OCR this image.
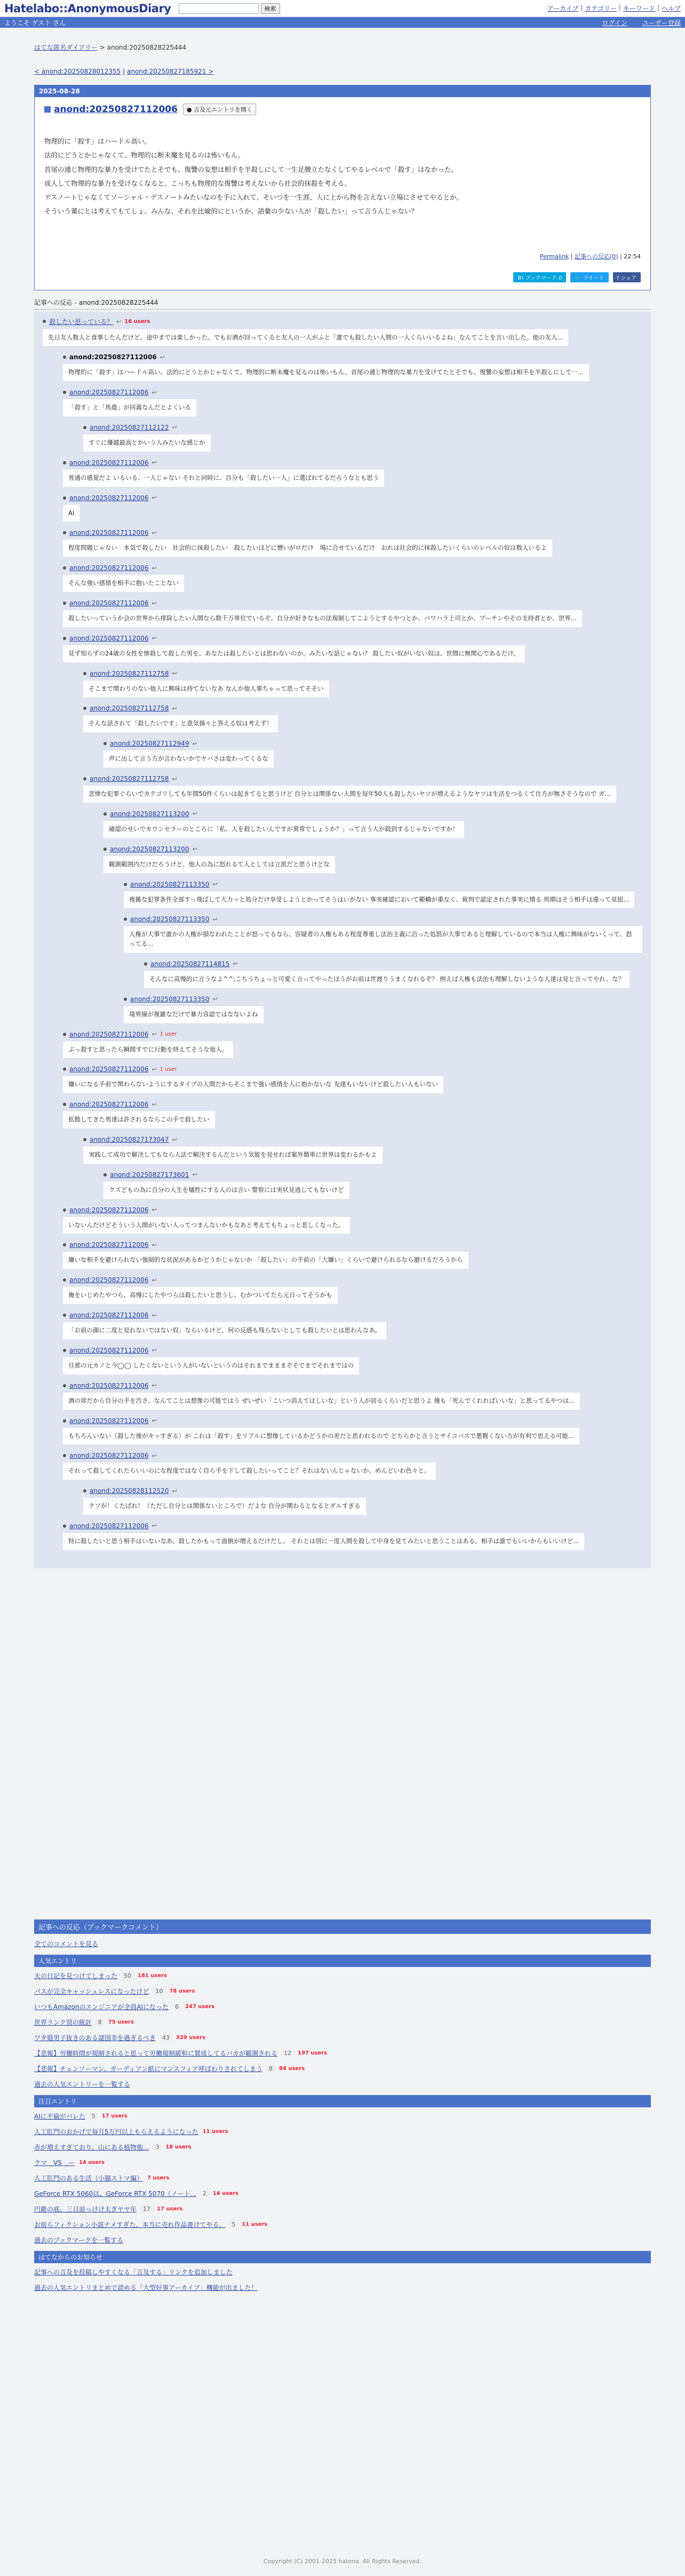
Hatelabo::AnonymousDiary	検索	アーカイブ | カテゴリー | キーワード | ヘルプ
ようこそ ゲスト さん	ログイン ユーザー登録
はてな匿名ダイアリー > anond:20250828225444
< anond:20250828012355 | anond:20250827185921 >
2025-08-28
anond:20250827112006	● 言及元エントリを開く

物理的に「殺す」はハードル高い。

法的にどうとかじゃなくて、物理的に断末魔を見るのは怖いもん。

首尾の通じ物理的な暴力を受けてたとそでも、復讐の妄想は相手を半殺しにして一生足腰立たなくしてやるレベルで「殺す」はなかった。

成人して物理的な暴力を受けなくなると、こっちも物理的な復讐は考えないから社会的抹殺を考える。

デスノートじゃなくてソーシャル・デスノートみたいなのを手に入れて、そいつを一生涯、人に上から物を言えない立場にさせてやるとか。

そういう輩にとは考えてもてしょ。みんな、それを比喩的にというか、語彙の少ない人が「殺したい」って言うんじゃない？

Permalink | 記事への反応(0) | 22:54
B! ブックマーク 0	🐦 ツイート	f シェア
記事への反応 - anond:20250828225444
殺したい思っている？ ↩ 16 users
先日友人数人と食事したんだけど、途中までは楽しかった。でもお酒が回ってくると友人の一人がふと「誰でも殺したい人間の一人くらいいるよね」なんてことを言い出した。他の友人...
anond:20250827112006 ↩
物理的に「殺す」はハードル高い。法的にどうとかじゃなくて、物理的に断末魔を見るのは怖いもん。首尾の通じ物理的な暴力を受けてたとそでも、復讐の妄想は相手を半殺しにして一...
anond:20250827112006 ↩
「殺す」と「馬鹿」が同義なんだとよくいる
anond:20250827112122 ↩
すぐに優越最高とかいう人みたいな感じか
anond:20250827112006 ↩
普通の感覚だよ いるいる、一人じゃない それと同時に、自分も「殺したい一人」に選ばれてるだろうなとも思う
anond:20250827112006 ↩
AI
anond:20250827112006 ↩
程度問題じゃない　本気で殺したい　社会的に抹殺したい　殺したいほどに憎いがロだけ　場に合せているだけ　おれは社会的に抹殺したいくらいのレベルの奴は数人いるよ
anond:20250827112006 ↩
そんな強い感情を相手に抱いたことない
anond:20250827112006 ↩
殺したいっていうか会の世界から排除したい人間なら数千万単位でいるぞ。自分が好きなもの法規制してこようとするやつとか、パワハラ上司とか、プーチンやその支持者とか、世界...
anond:20250827112006 ↩
見ず知らずの24歳の女性を惨殺して殺した男を、あなたは殺したいとは思わないのか。みたいな話じゃない？ 殺したい奴がいない奴は、世間に無関心であるだけ。
anond:20250827112758 ↩
そこまで関わりのない他人に興味は持てないなあ なんか他人事ちゃって思ってそそい
anond:20250827112758 ↩
そんな話されて「殺したいです」と意気揚々と答える奴は考えず！
anond:20250827112949 ↩
声に出して言う方が言わないかでヤバさは変わってくるな
anond:20250827112758 ↩
悲惨な犯罪ぐらいでカテゴリしても年間50件くらいは起きてると思うけど 自分とは関係ない人間を毎年50人も殺したいヤツが増えるようなヤツは生活をつるくて仕方が無さそうなので ガ...
anond:20250827113200 ↩
確認のせいでカウンセラーのところに「私、人を殺したいんですが異常でしょうか？」って言う人が殺到するじゃないですか！
anond:20250827113200 ↩
観測範囲内だけだろうけど、他人の為に怒れるて人としては立派だと思うけどな
anond:20250827113350 ↩
複雑な犯罪条件全部すっ飛ばして大力ッと処分だけ享受しようとかってそうはいかない 事実確認において範疇が重なく、裁判で認定された事実に憤る 刑期はそう相手は違って見紐...
anond:20250827113350 ↩
人権が大事で誰かの人権が損なわれたことが怒ってるなら、容疑者の人権もある程度尊重し法治主義に沿った処罰が大事であると理解しているので本当は人権に興味がないくって、怒ってる...
anond:20250827114815 ↩
そんなに高慢的に言うなよ^^;こちうちょっと可愛く言ってやったほうがお前は世渡りうまくなれるぞ？ 例えば人権も法治も理解しないような人達は見と言ってやれ、な？
anond:20250827113350 ↩
境界線が複雑なだけで暴力容認ではなないよね
anond:20250827112006 ↩ 1 user
ぶっ殺すと思ったら瞬間すでに行動を終えてそうな他人。
anond:20250827112006 ↩ 1 user
嫌いになる手前で関わらないようにするタイプの人間だからそこまで強い感情を人に抱かないな 友達もいないけど殺したい人もいない
anond:20250827112006 ↩
拡散してきた男達は許されるならこの手で殺したい
anond:20250827173047 ↩
実践して成功で解決してもなら人法で解決するんだという気能を見せれば案外簡単に世界は変わるかもよ
anond:20250827173601 ↩
クズどもの為に自分の人生を犠牲にする人のは言い 警察には実状見逃してもないけど
anond:20250827112006 ↩
いないんだけどそういう人間がいない人ってつまんないかもなあと考えてもちょっと悲しくなった。
anond:20250827112006 ↩
嫌いな相手を避けられない強制的な状況があるかどうかじゃないか 「殺したい」の手前の「大嫌い」くらいで避けられるなら避けるだろうから
anond:20250827112006 ↩
俺をいじめたやつら、高慢にしたやつらは殺したいと思うし、むかついてたら元日ってそうかも
anond:20250827112006 ↩
「お前の顔に二度と見れないではない奴」ならいるけど、何の反感も残らないとしても殺したいとは思わんなあ。
anond:20250827112006 ↩
旦那の元カノと今◯◯ したくないという人がいないというのはそれまでまままぞそでまでそれまではの
anond:20250827112006 ↩
酒の席だから自分の手を汚さ、なんてことは想像の可能ではう ぜいぜい「こいつ消えてほしいな」という人が居るくらいだと思うよ 俺も「死んでくれればいいな」と思ってるやつは...
anond:20250827112006 ↩
もちろんいない（殺した後がキッすぎる）が これは「殺す」をリアルに想像しているかどうかの差だと思われるので どちらかと言うとサイコパスで悪賢くない方が有利で思える可能...
anond:20250827112006 ↩
それって殺してくれたらいいのにな程度ではなく自ら手を下して殺したいってこと？それはないんじゃないか。めんどいわ色々と。
anond:20250828112520 ↩
クソが！くたばれ！（ただし自分とは関係ないところで）だよな 自分が関わるとなるとダルすぎる
anond:20250827112006 ↩
特に殺したいと思う相手はいないなあ。殺したかもって面倒が増えるだけだし。 それとは別に一度人間を殺して中身を見てみたいと思うことはある。相手は誰でもいいからもいいけど...
記事への反応（ブックマークコメント）
全てのコメントを見る
人気エントリ
夫の日記を見つけてしまった	50	181 users
パスが完全キャッシュレスになったけど	10	78 users
いつもAmazonのエンジニアが全員AIになった	6	247 users
世界ランク別の統計	8	75 users
ワタ婚男子抜きのある諸国幸を過ぎるべき	43	329 users
【悲報】労働時間が規制されると思って労働規制緩和に賛成してるバカが観測される	12	197 users
【悲報】チェンソーマン、ガーディアン紙にマンスフィア呼ばわりされてしまう	8	84 users
過去の人気エントリーを一覧する
注目エントリ
AIに不倫がバレた	5	17 users
人工肛門のおかげで毎月5万円以上もらえるようになった 11 users
赤が増えすぎており、山にある植物他...	3	18 users
クマ　VS　ー 14 users
人工肛門のある生活（小腸ストマ編） 7 users
GeForce RTX 5060以、GeForce RTX 5070（ノート...	2	14 users
円錐の底、三日前っけけ太ぎヤヤ年	17	17 users
お前らフィクション小説ナメすぎた、本当に売れ作品書けてやる。	5	11 users
過去のブックマークを一覧する
はてなからのお知らせ
記事への言及を投稿しやすくなる「言及する」リンクを追加しました
過去の人気エントリまとめで読める「大型好事アーカイブ」機能が出ました！
Copyright (C) 2001-2025 hatena. All Rights Reserved.
